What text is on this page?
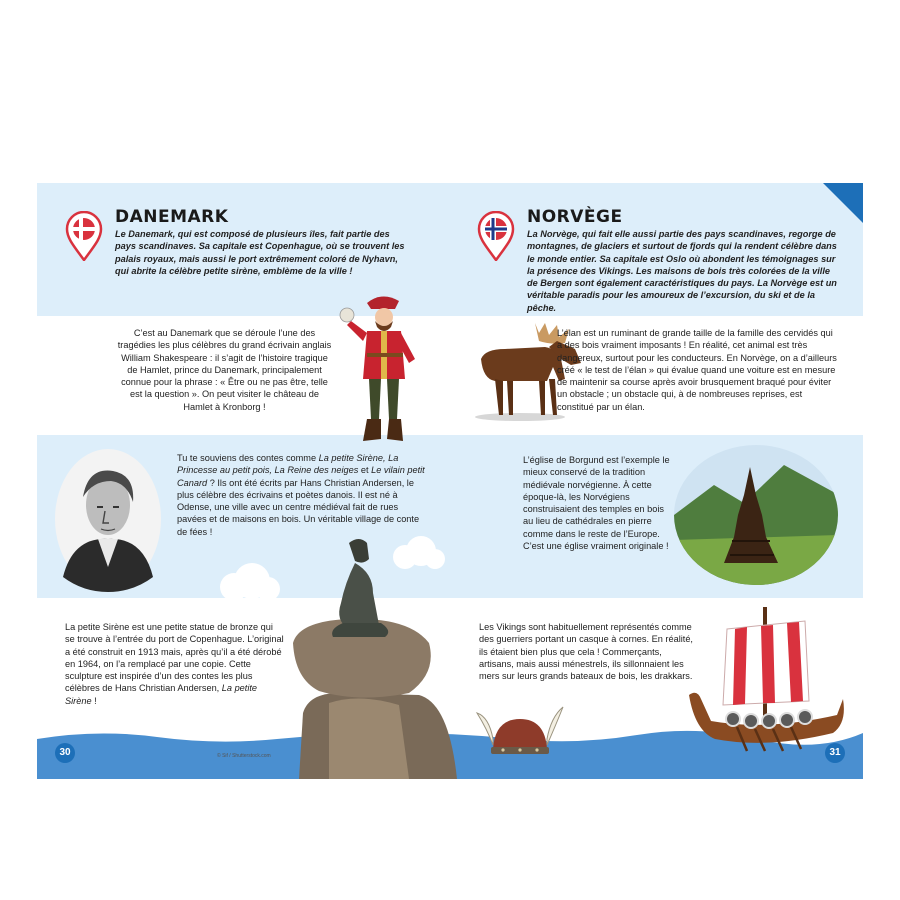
DANEMARK
Le Danemark, qui est composé de plusieurs îles, fait partie des pays scandinaves. Sa capitale est Copenhague, où se trouvent les palais royaux, mais aussi le port extrêmement coloré de Nyhavn, qui abrite la célèbre petite sirène, emblème de la ville !
C’est au Danemark que se déroule l’une des tragédies les plus célèbres du grand écrivain anglais William Shakespeare : il s’agit de l’histoire tragique de Hamlet, prince du Danemark, principalement connue pour la phrase : « Être ou ne pas être, telle est la question ». On peut visiter le château de Hamlet à Kronborg !
Tu te souviens des contes comme La petite Sirène, La Princesse au petit pois, La Reine des neiges et Le vilain petit Canard ? Ils ont été écrits par Hans Christian Andersen, le plus célèbre des écrivains et poètes danois. Il est né à Odense, une ville avec un centre médiéval fait de rues pavées et de maisons en bois. Un véritable village de conte de fées !
La petite Sirène est une petite statue de bronze qui se trouve à l’entrée du port de Copenhague. L’original a été construit en 1913 mais, après qu’il a été dérobé en 1964, on l’a remplacé par une copie. Cette sculpture est inspirée d’un des contes les plus célèbres de Hans Christian Andersen, La petite Sirène !
NORVÈGE
La Norvège, qui fait elle aussi partie des pays scandinaves, regorge de montagnes, de glaciers et surtout de fjords qui la rendent célèbre dans le monde entier. Sa capitale est Oslo où abondent les témoignages sur la présence des Vikings. Les maisons de bois très colorées de la ville de Bergen sont également caractéristiques du pays. La Norvège est un véritable paradis pour les amoureux de l’excursion, du ski et de la pêche.
L’élan est un ruminant de grande taille de la famille des cervidés qui a des bois vraiment imposants ! En réalité, cet animal est très dangereux, surtout pour les conducteurs. En Norvège, on a d’ailleurs créé « le test de l’élan » qui évalue quand une voiture est en mesure de maintenir sa course après avoir brusquement braqué pour éviter un obstacle ; un obstacle qui, à de nombreuses reprises, est constitué par un élan.
L’église de Borgund est l’exemple le mieux conservé de la tradition médiévale norvégienne. À cette époque-là, les Norvégiens construisaient des temples en bois au lieu de cathédrales en pierre comme dans le reste de l’Europe. C’est une église vraiment originale !
Les Vikings sont habituellement représentés comme des guerriers portant un casque à cornes. En réalité, ils étaient bien plus que cela ! Commerçants, artisans, mais aussi ménestrels, ils sillonnaient les mers sur leurs grands bateaux de bois, les drakkars.
30	© Sif / Shutterstock.com	31
